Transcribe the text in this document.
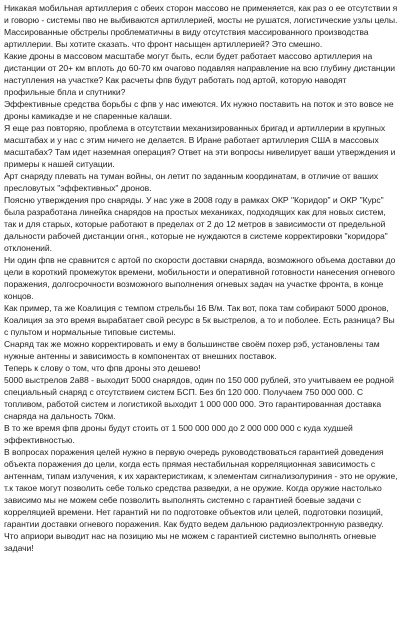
Никакая мобильная артиллерия с обеих сторон массово не применяется, как раз о ее отсутствии я и говорю - системы пво не выбиваются артиллерией, мосты не рушатся, логистические узлы целы. Массированные обстрелы проблематичны в виду отсутствия массированного производства артиллерии. Вы хотите сказать. что фронт насыщен артиллерией? Это смешно.

Какие дроны в массовом масштабе могут быть, если будет работает массово артиллерия на дистанции от 20+ км вплоть до 60-70 км очагово подавляя направление на всю глубину дистанции наступления на участке? Как расчеты фпв будут работать под артой, которую наводят профильные бпла и спутники?

Эффективные средства борьбы с фпв у нас имеются. Их нужно поставить на поток и это вовсе не дроны камикадзе и не спаренные калаши.

Я еще раз повторяю, проблема в отсутствии механизированных бригад и артиллерии в крупных масштабах и у нас с этим ничего не делается. В Иране работает артиллерия США в массовых масштабах? Там идет наземная операция? Ответ на эти вопросы нивелирует ваши утверждения и примеры к нашей ситуации.

Арт снаряду плевать на туман войны, он летит по заданным координатам, в отличие от ваших пресловутых "эффективных" дронов.

Поясню утверждения про снаряды. У нас уже в 2008 году в рамках ОКР "Коридор" и ОКР "Курс" была разработана линейка снарядов на простых механиках, подходящих как для новых систем, так и для старых, которые работают в пределах от 2 до 12 метров в зависимости от предельной дальности рабочей дистанции огня., которые не нуждаются в системе корректировки "коридора" отклонений.

Ни один фпв не сравнится с артой по скорости доставки снаряда, возможного объема доставки до цели в короткий промежуток времени, мобильности и оперативной готовности нанесения огневого поражения, долгосрочности возможного выполнения огневых задач на участке фронта, в конце концов.

Как пример, та же Коалиция с темпом стрельбы 16 В/м. Так вот, пока там собирают 5000 дронов, Коалиция за это время вырабатает свой ресурс в 5к выстрелов, а то и поболее. Есть разница? Вы с пультом и нормальные типовые системы.

Снаряд так же можно корректировать и ему в большинстве своём похер рэб, установлены там нужные антенны и зависимость в компонентах от внешних поставок.

Теперь к слову о том, что фпв дроны это дешево!

5000 выстрелов 2а88 - выходит 5000 снарядов, один по 150 000 рублей, это учитываем ее родной специальный снаряд с отсутствием систем БСП. Без бп 120 000. Получаем 750 000 000. С топливом, работой систем и логистикой выходит 1 000 000 000. Это гарантированная доставка снаряда на дальность 70км.

В то же время фпв дроны будут стоить от 1 500 000 000 до 2 000 000 000 с куда худшей эффективностью.

В вопросах поражения целей нужно в первую очередь руководствоваться гарантией доведения объекта поражения до цели, когда есть прямая нестабильная корреляционная зависимость с антеннам, типам излучения, к их характеристикам, к элементам сигнализолуриния - это не оружие, т.к такое могут позволить себе только средства разведки, а не оружие. Когда оружие настолько зависимо мы не можем себе позволить выполнять системно с гарантией боевые задачи с корреляцией времени. Нет гарантий ни по подготовке объектов или целей, подготовки позиций, гарантии доставки огневого поражения. Как будто ведем дальнюю радиоэлектронную разведку. Что априори выводит нас на позицию мы не можем с гарантией системно выполнять огневые задачи!
